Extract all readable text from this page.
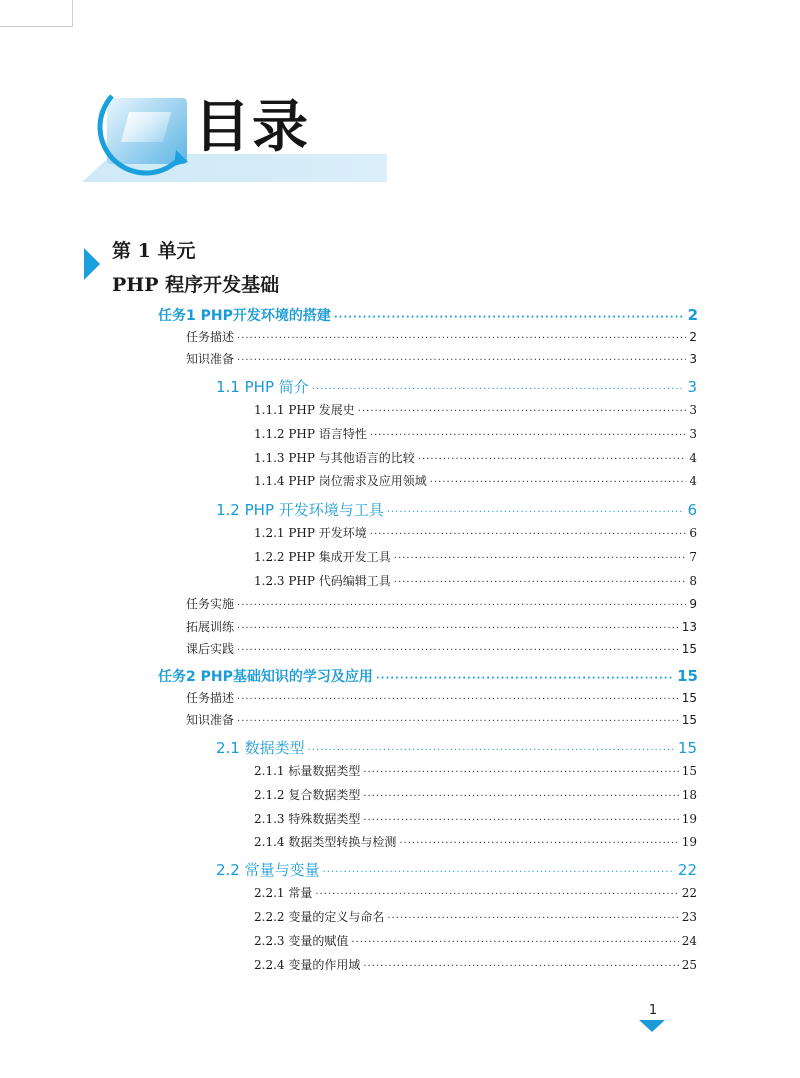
目录
第 1 单元
PHP 程序开发基础
任务1 PHP开发环境的搭建 ·····	2
任务描述 ·····	2
知识准备 ·····	3
1.1 PHP 简介 ·····	3
1.1.1 PHP 发展史 ·····	3
1.1.2 PHP 语言特性 ·····	3
1.1.3 PHP 与其他语言的比较 ·····	4
1.1.4 PHP 岗位需求及应用领域 ·····	4
1.2 PHP 开发环境与工具 ·····	6
1.2.1 PHP 开发环境 ·····	6
1.2.2 PHP 集成开发工具 ·····	7
1.2.3 PHP 代码编辑工具 ·····	8
任务实施 ·····	9
拓展训练 ·····	13
课后实践 ·····	15
任务2 PHP基础知识的学习及应用 ·····	15
任务描述 ·····	15
知识准备 ·····	15
2.1 数据类型 ·····	15
2.1.1 标量数据类型 ·····	15
2.1.2 复合数据类型 ·····	18
2.1.3 特殊数据类型 ·····	19
2.1.4 数据类型转换与检测 ·····	19
2.2 常量与变量 ·····	22
2.2.1 常量 ·····	22
2.2.2 变量的定义与命名 ·····	23
2.2.3 变量的赋值 ·····	24
2.2.4 变量的作用域 ·····	25
1
